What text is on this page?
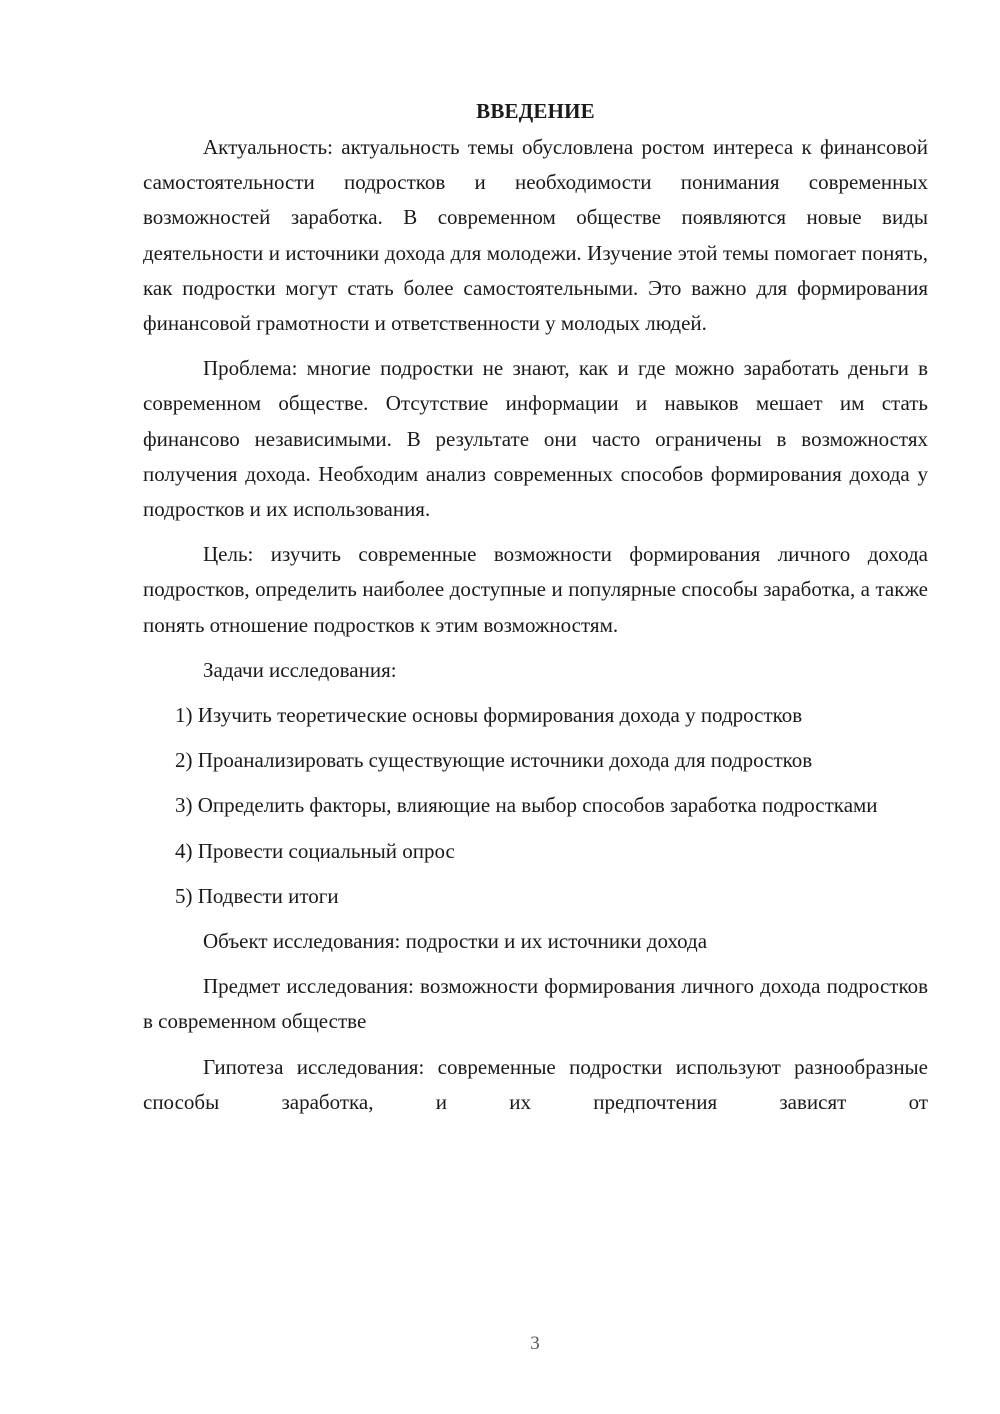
ВВЕДЕНИЕ

Актуальность: актуальность темы обусловлена ростом интереса к финансовой самостоятельности подростков и необходимости понимания современных возможностей заработка. В современном обществе появляются новые виды деятельности и источники дохода для молодежи. Изучение этой темы помогает понять, как подростки могут стать более самостоятельными. Это важно для формирования финансовой грамотности и ответственности у молодых людей.

Проблема: многие подростки не знают, как и где можно заработать деньги в современном обществе. Отсутствие информации и навыков мешает им стать финансово независимыми. В результате они часто ограничены в возможностях получения дохода. Необходим анализ современных способов формирования дохода у подростков и их использования.

Цель: изучить современные возможности формирования личного дохода подростков, определить наиболее доступные и популярные способы заработка, а также понять отношение подростков к этим возможностям.

Задачи исследования:

1) Изучить теоретические основы формирования дохода у подростков

2) Проанализировать существующие источники дохода для подростков

3) Определить факторы, влияющие на выбор способов заработка подростками

4) Провести социальный опрос

5) Подвести итоги

Объект исследования: подростки и их источники дохода

Предмет исследования: возможности формирования личного дохода подростков в современном обществе

Гипотеза исследования: современные подростки используют разнообразные способы заработка, и их предпочтения зависят от

3
